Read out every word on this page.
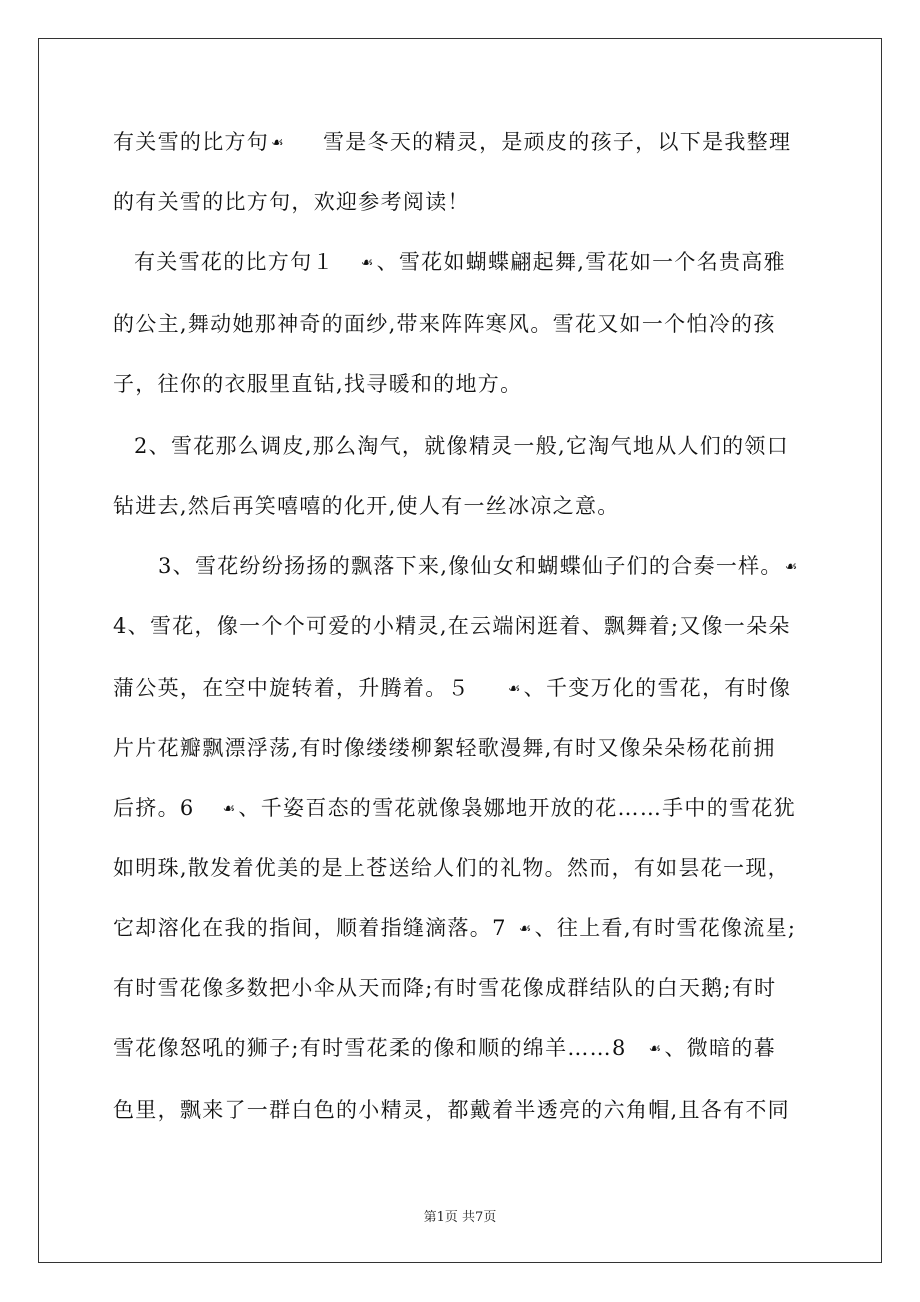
有关雪的比方句 ☙ 雪是冬天的精灵，是顽皮的孩子，以下是我整理
的有关雪的比方句，欢迎参考阅读！
有关雪花的比方句１ ☙、雪花如蝴蝶翩起舞,雪花如一个名贵高雅
的公主,舞动她那神奇的面纱,带来阵阵寒风。雪花又如一个怕冷的孩
子，往你的衣服里直钻,找寻暖和的地方。
2、雪花那么调皮,那么淘气，就像精灵一般,它淘气地从人们的领口
钻进去,然后再笑嘻嘻的化开,使人有一丝冰凉之意。
3、雪花纷纷扬扬的飘落下来,像仙女和蝴蝶仙子们的合奏一样。 ☙
4、雪花，像一个个可爱的小精灵,在云端闲逛着、飘舞着;又像一朵朵
蒲公英，在空中旋转着，升腾着。５	☙、千变万化的雪花，有时像
片片花瓣飘漂浮荡,有时像缕缕柳絮轻歌漫舞,有时又像朵朵杨花前拥
后挤。6 ☙、千姿百态的雪花就像袅娜地开放的花……手中的雪花犹
如明珠,散发着优美的是上苍送给人们的礼物。然而，有如昙花一现，
它却溶化在我的指间，顺着指缝滴落。7 ☙、往上看,有时雪花像流星;
有时雪花像多数把小伞从天而降;有时雪花像成群结队的白天鹅;有时
雪花像怒吼的狮子;有时雪花柔的像和顺的绵羊……8 ☙、微暗的暮
色里，飘来了一群白色的小精灵，都戴着半透亮的六角帽,且各有不同
第1页 共7页
